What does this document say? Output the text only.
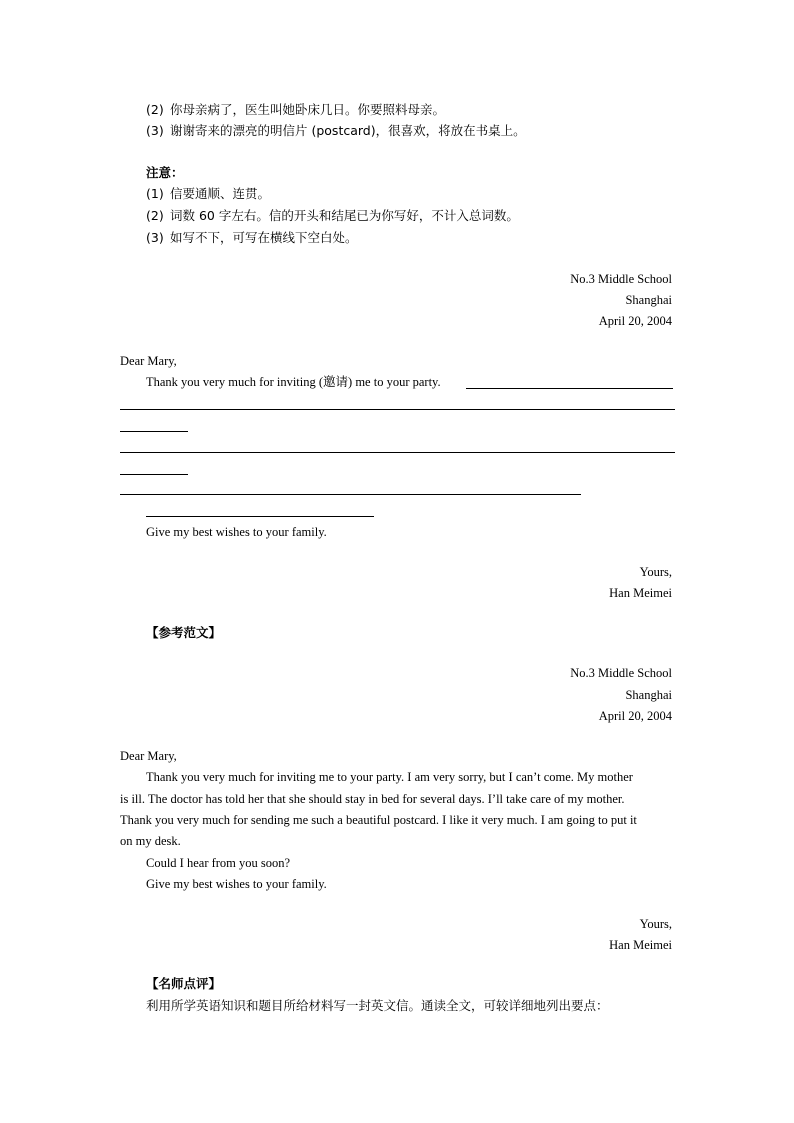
(2) 你母亲病了，医生叫她卧床几日。你要照料母亲。
(3) 谢谢寄来的漂亮的明信片 (postcard)，很喜欢，将放在书桌上。
注意：
(1) 信要通顺、连贯。
(2) 词数 60 字左右。信的开头和结尾已为你写好，不计入总词数。
(3) 如写不下，可写在横线下空白处。
No.3 Middle School
Shanghai
April 20, 2004
Dear Mary,
Thank you very much for inviting (邀请) me to your party.
Give my best wishes to your family.
Yours,
Han Meimei
【参考范文】
No.3 Middle School
Shanghai
April 20, 2004
Dear Mary,
Thank you very much for inviting me to your party. I am very sorry, but I can’t come. My mother
is ill. The doctor has told her that she should stay in bed for several days. I’ll take care of my mother.
Thank you very much for sending me such a beautiful postcard. I like it very much. I am going to put it
on my desk.
Could I hear from you soon?
Give my best wishes to your family.
Yours,
Han Meimei
【名师点评】
利用所学英语知识和题目所给材料写一封英文信。通读全文，可较详细地列出要点：
